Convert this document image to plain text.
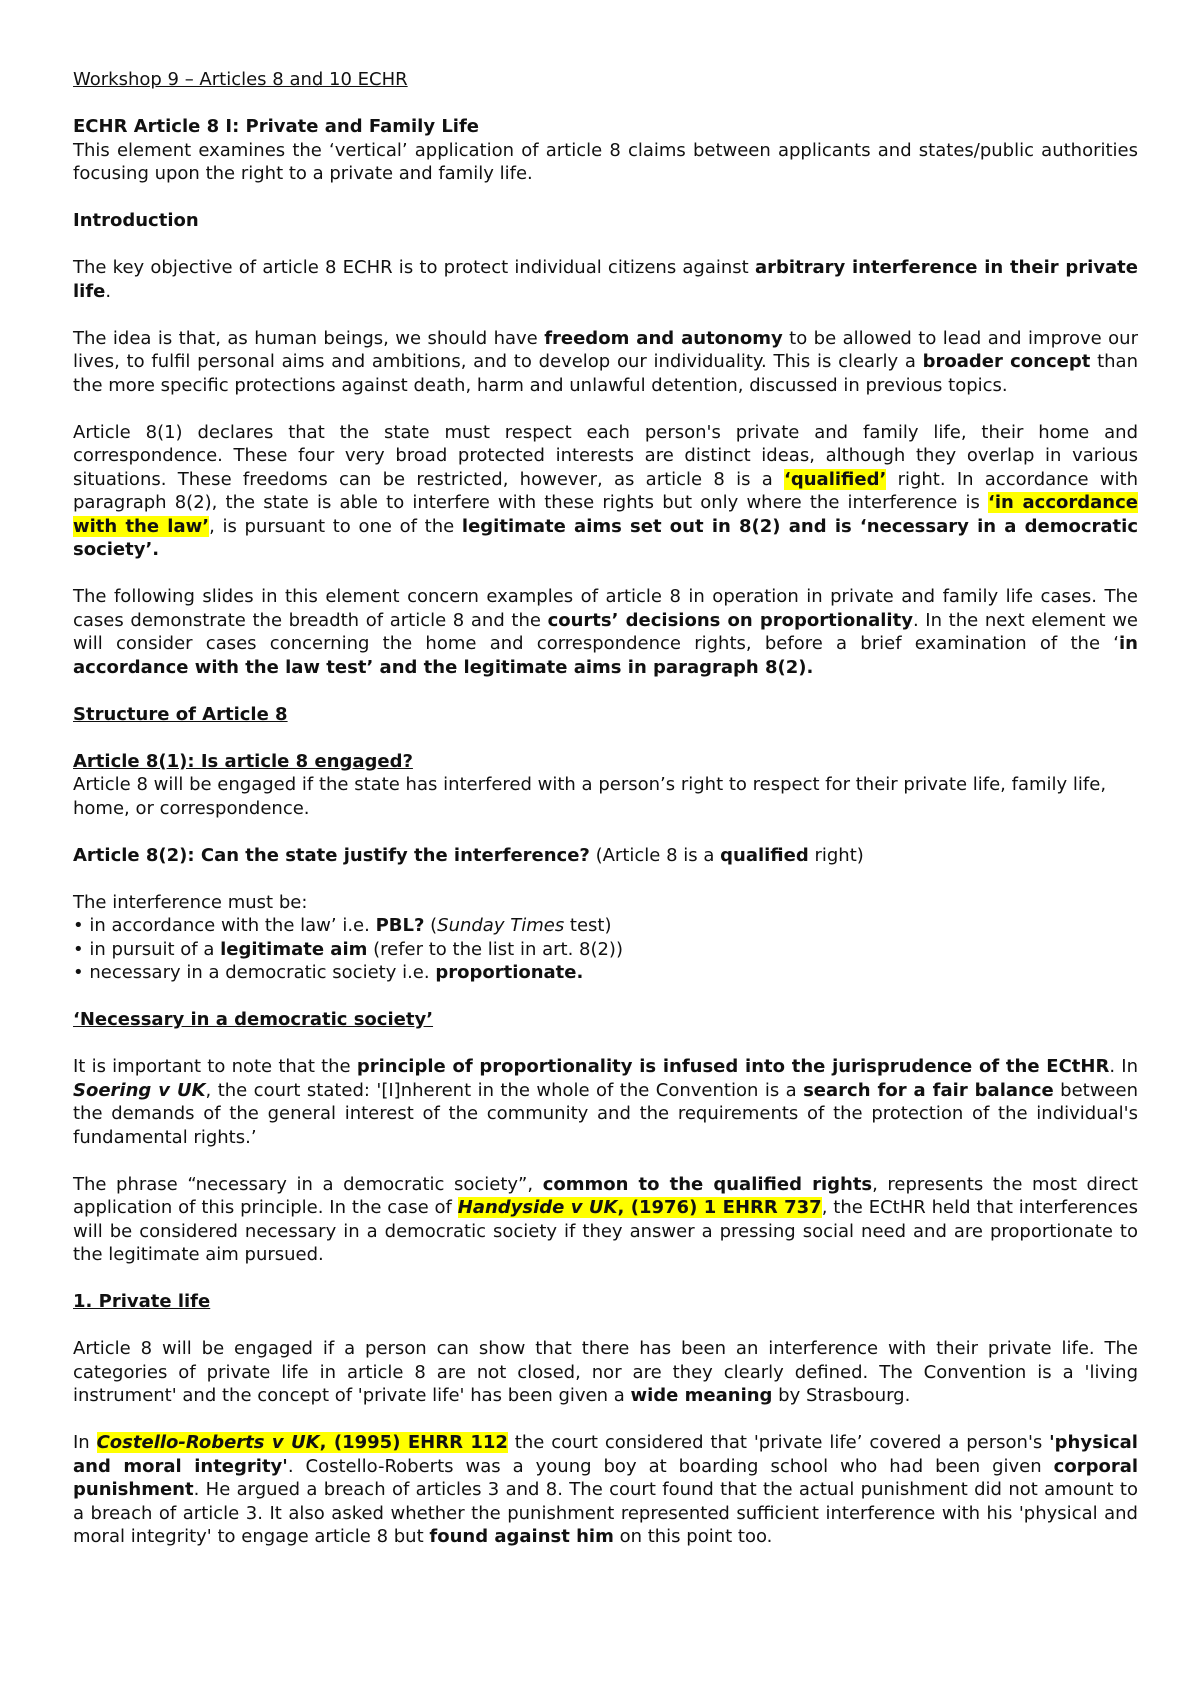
Workshop 9 – Articles 8 and 10 ECHR

ECHR Article 8 I: Private and Family Life

This element examines the ‘vertical’ application of article 8 claims between applicants and states/public authorities focusing upon the right to a private and family life.

Introduction

The key objective of article 8 ECHR is to protect individual citizens against arbitrary interference in their private life.

The idea is that, as human beings, we should have freedom and autonomy to be allowed to lead and improve our lives, to fulfil personal aims and ambitions, and to develop our individuality. This is clearly a broader concept than the more specific protections against death, harm and unlawful detention, discussed in previous topics.

Article 8(1) declares that the state must respect each person's private and family life, their home and correspondence. These four very broad protected interests are distinct ideas, although they overlap in various situations. These freedoms can be restricted, however, as article 8 is a ‘qualified’ right. In accordance with paragraph 8(2), the state is able to interfere with these rights but only where the interference is ‘in accordance with the law’, is pursuant to one of the legitimate aims set out in 8(2) and is ‘necessary in a democratic society’.

The following slides in this element concern examples of article 8 in operation in private and family life cases. The cases demonstrate the breadth of article 8 and the courts’ decisions on proportionality. In the next element we will consider cases concerning the home and correspondence rights, before a brief examination of the ‘in accordance with the law test’ and the legitimate aims in paragraph 8(2).

Structure of Article 8

Article 8(1): Is article 8 engaged?

Article 8 will be engaged if the state has interfered with a person’s right to respect for their private life, family life, home, or correspondence.

Article 8(2): Can the state justify the interference? (Article 8 is a qualified right)

The interference must be:

• in accordance with the law’ i.e. PBL? (Sunday Times test)
• in pursuit of a legitimate aim (refer to the list in art. 8(2))
• necessary in a democratic society i.e. proportionate.

‘Necessary in a democratic society’

It is important to note that the principle of proportionality is infused into the jurisprudence of the ECtHR. In Soering v UK, the court stated: '[I]nherent in the whole of the Convention is a search for a fair balance between the demands of the general interest of the community and the requirements of the protection of the individual's fundamental rights.’

The phrase “necessary in a democratic society”, common to the qualified rights, represents the most direct application of this principle. In the case of Handyside v UK, (1976) 1 EHRR 737, the ECtHR held that interferences will be considered necessary in a democratic society if they answer a pressing social need and are proportionate to the legitimate aim pursued.

1. Private life

Article 8 will be engaged if a person can show that there has been an interference with their private life. The categories of private life in article 8 are not closed, nor are they clearly defined. The Convention is a 'living instrument' and the concept of 'private life' has been given a wide meaning by Strasbourg.

In Costello-Roberts v UK, (1995) EHRR 112 the court considered that 'private life’ covered a person's 'physical and moral integrity'. Costello-Roberts was a young boy at boarding school who had been given corporal punishment. He argued a breach of articles 3 and 8. The court found that the actual punishment did not amount to a breach of article 3. It also asked whether the punishment represented sufficient interference with his 'physical and moral integrity' to engage article 8 but found against him on this point too.
